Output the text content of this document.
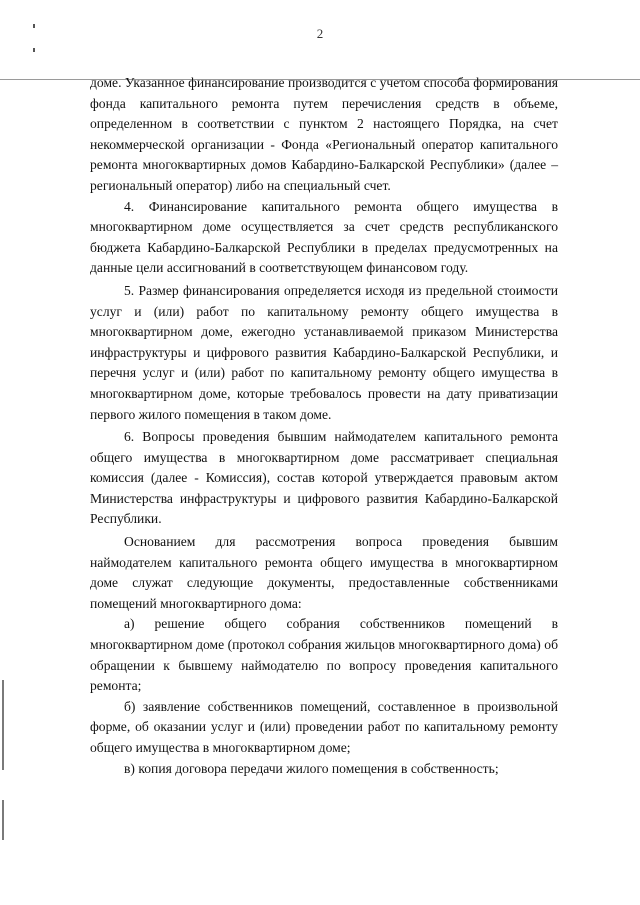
2

доме. Указанное финансирование производится с учетом способа формирования фонда капитального ремонта путем перечисления средств в объеме, определенном в соответствии с пунктом 2 настоящего Порядка, на счет некоммерческой организации - Фонда «Региональный оператор капитального ремонта многоквартирных домов Кабардино-Балкарской Республики» (далее – региональный оператор) либо на специальный счет.

4. Финансирование капитального ремонта общего имущества в многоквартирном доме осуществляется за счет средств республиканского бюджета Кабардино-Балкарской Республики в пределах предусмотренных на данные цели ассигнований в соответствующем финансовом году.

5. Размер финансирования определяется исходя из предельной стоимости услуг и (или) работ по капитальному ремонту общего имущества в многоквартирном доме, ежегодно устанавливаемой приказом Министерства инфраструктуры и цифрового развития Кабардино-Балкарской Республики, и перечня услуг и (или) работ по капитальному ремонту общего имущества в многоквартирном доме, которые требовалось провести на дату приватизации первого жилого помещения в таком доме.

6. Вопросы проведения бывшим наймодателем капитального ремонта общего имущества в многоквартирном доме рассматривает специальная комиссия (далее - Комиссия), состав которой утверждается правовым актом Министерства инфраструктуры и цифрового развития Кабардино-Балкарской Республики.

Основанием для рассмотрения вопроса проведения бывшим наймодателем капитального ремонта общего имущества в многоквартирном доме служат следующие документы, предоставленные собственниками помещений многоквартирного дома:

а) решение общего собрания собственников помещений в многоквартирном доме (протокол собрания жильцов многоквартирного дома) об обращении к бывшему наймодателю по вопросу проведения капитального ремонта;

б) заявление собственников помещений, составленное в произвольной форме, об оказании услуг и (или) проведении работ по капитальному ремонту общего имущества в многоквартирном доме;

в) копия договора передачи жилого помещения в собственность;
